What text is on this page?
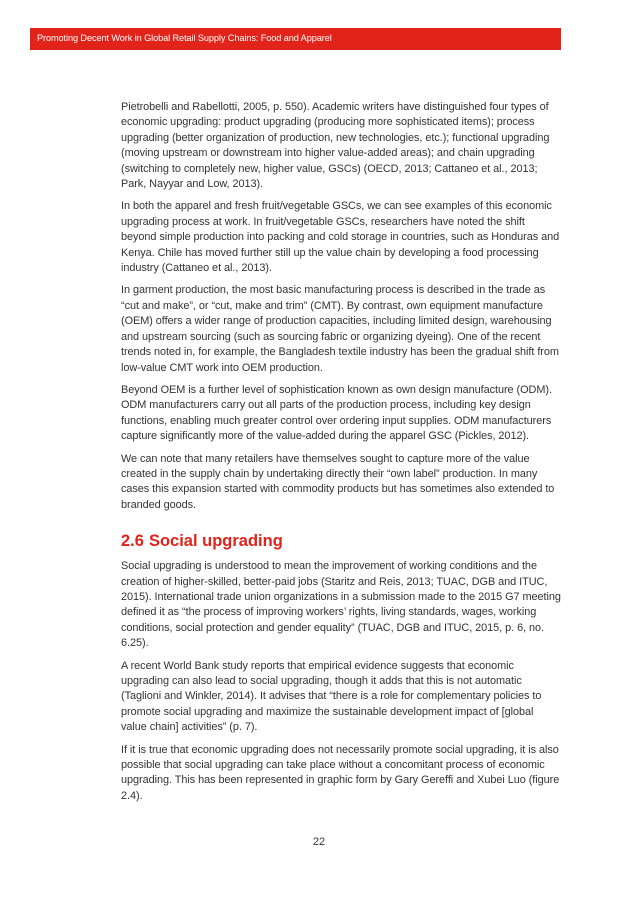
Promoting Decent Work in Global Retail Supply Chains: Food and Apparel

Pietrobelli and Rabellotti, 2005, p. 550). Academic writers have distinguished four types of economic upgrading: product upgrading (producing more sophisticated items); process upgrading (better organization of production, new technologies, etc.); functional upgrading (moving upstream or downstream into higher value-added areas); and chain upgrading (switching to completely new, higher value, GSCs) (OECD, 2013; Cattaneo et al., 2013; Park, Nayyar and Low, 2013).

In both the apparel and fresh fruit/vegetable GSCs, we can see examples of this economic upgrading process at work. In fruit/vegetable GSCs, researchers have noted the shift beyond simple production into packing and cold storage in countries, such as Honduras and Kenya. Chile has moved further still up the value chain by developing a food processing industry (Cattaneo et al., 2013).

In garment production, the most basic manufacturing process is described in the trade as “cut and make”, or “cut, make and trim” (CMT). By contrast, own equipment manufacture (OEM) offers a wider range of production capacities, including limited design, warehousing and upstream sourcing (such as sourcing fabric or organizing dyeing). One of the recent trends noted in, for example, the Bangladesh textile industry has been the gradual shift from low-value CMT work into OEM production.

Beyond OEM is a further level of sophistication known as own design manufacture (ODM). ODM manufacturers carry out all parts of the production process, including key design functions, enabling much greater control over ordering input supplies. ODM manufacturers capture significantly more of the value-added during the apparel GSC (Pickles, 2012).

We can note that many retailers have themselves sought to capture more of the value created in the supply chain by undertaking directly their “own label” production. In many cases this expansion started with commodity products but has sometimes also extended to branded goods.

2.6 Social upgrading

Social upgrading is understood to mean the improvement of working conditions and the creation of higher-skilled, better-paid jobs (Staritz and Reis, 2013; TUAC, DGB and ITUC, 2015). International trade union organizations in a submission made to the 2015 G7 meeting defined it as “the process of improving workers’ rights, living standards, wages, working conditions, social protection and gender equality” (TUAC, DGB and ITUC, 2015, p. 6, no. 6.25).

A recent World Bank study reports that empirical evidence suggests that economic upgrading can also lead to social upgrading, though it adds that this is not automatic (Taglioni and Winkler, 2014). It advises that “there is a role for complementary policies to promote social upgrading and maximize the sustainable development impact of [global value chain] activities” (p. 7).

If it is true that economic upgrading does not necessarily promote social upgrading, it is also possible that social upgrading can take place without a concomitant process of economic upgrading. This has been represented in graphic form by Gary Gereffi and Xubei Luo (figure 2.4).

22
